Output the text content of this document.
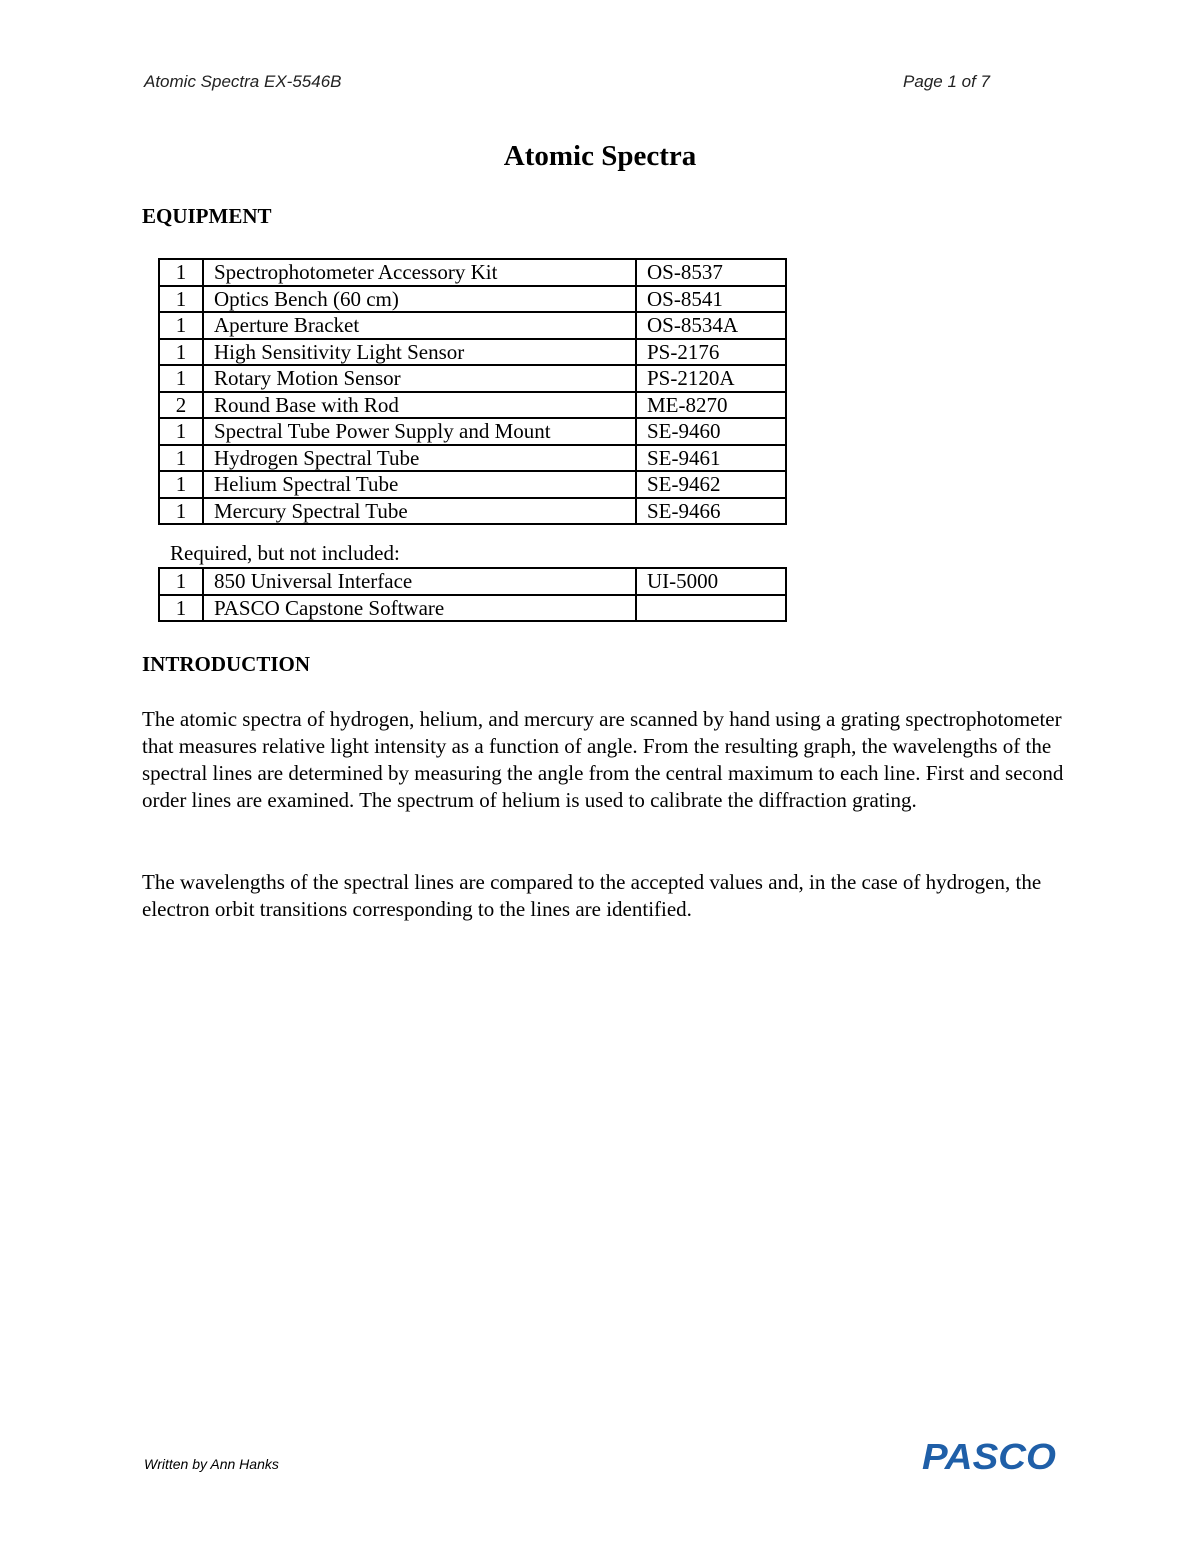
Atomic Spectra EX-5546B	Page 1 of 7
Atomic Spectra
EQUIPMENT
1	Spectrophotometer Accessory Kit	OS-8537
1	Optics Bench (60 cm)	OS-8541
1	Aperture Bracket	OS-8534A
1	High Sensitivity Light Sensor	PS-2176
1	Rotary Motion Sensor	PS-2120A
2	Round Base with Rod	ME-8270
1	Spectral Tube Power Supply and Mount	SE-9460
1	Hydrogen Spectral Tube	SE-9461
1	Helium Spectral Tube	SE-9462
1	Mercury Spectral Tube	SE-9466
Required, but not included:
1	850 Universal Interface	UI-5000
1	PASCO Capstone Software	
INTRODUCTION

The atomic spectra of hydrogen, helium, and mercury are scanned by hand using a grating spectrophotometer that measures relative light intensity as a function of angle. From the resulting graph, the wavelengths of the spectral lines are determined by measuring the angle from the central maximum to each line. First and second order lines are examined. The spectrum of helium is used to calibrate the diffraction grating.

The wavelengths of the spectral lines are compared to the accepted values and, in the case of hydrogen, the electron orbit transitions corresponding to the lines are identified.

Written by Ann Hanks	PASCO
